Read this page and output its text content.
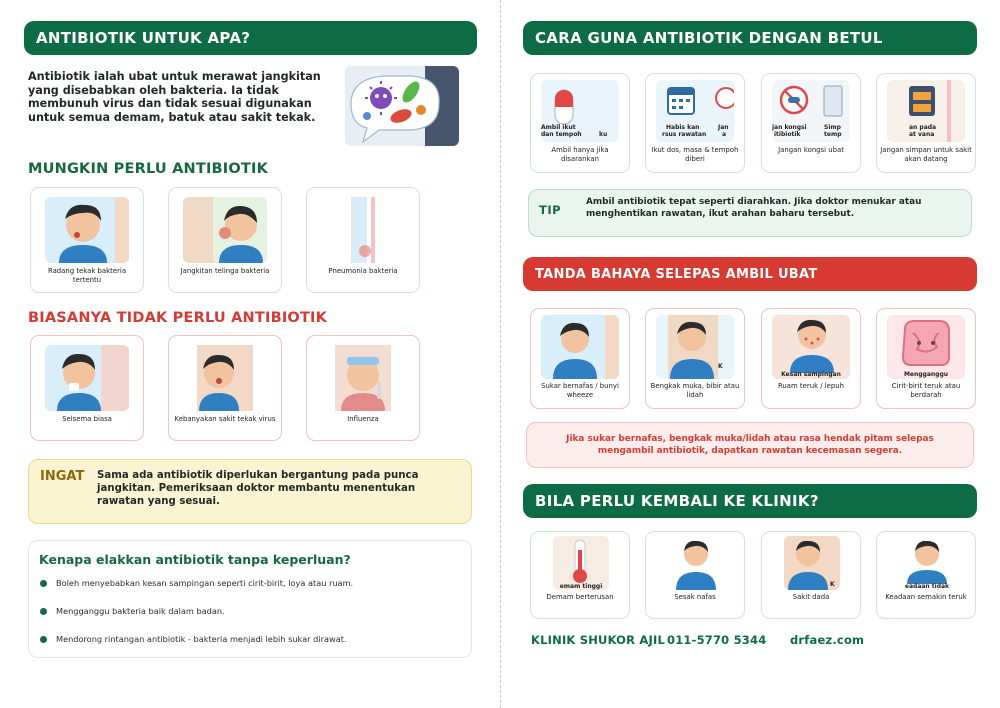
ANTIBIOTIK UNTUK APA?
Antibiotik ialah ubat untuk merawat jangkitan yang disebabkan oleh bakteria. Ia tidak membunuh virus dan tidak sesuai digunakan untuk semua demam, batuk atau sakit tekak.
MUNGKIN PERLU ANTIBIOTIK
Radang tekak bakteria tertentu
Jangkitan telinga bakteria	Pneumonia bakteria
BIASANYA TIDAK PERLU ANTIBIOTIK
Selsema biasa	Kebanyakan sakit tekak virus	Influenza
INGAT Sama ada antibiotik diperlukan bergantung pada punca jangkitan. Pemeriksaan doktor membantu menentukan rawatan yang sesuai.
Kenapa elakkan antibiotik tanpa keperluan?
Boleh menyebabkan kesan sampingan seperti cirit-birit, loya atau ruam.
Mengganggu bakteria baik dalam badan.
Mendorong rintangan antibiotik - bakteria menjadi lebih sukar dirawat.
CARA GUNA ANTIBIOTIK DENGAN BETUL
Ambil ikut
dan tempoh	ku
Ambil hanya jika disarankan
Habis kan
rsus rawatan
Jan
a
Ikut dos, masa & tempoh diberi
jan kongsi
itibiotik
Simp
temp
Jangan kongsi ubat
an pada
at vana
Jangan simpan untuk sakit akan datang
TIP
Ambil antibiotik tepat seperti diarahkan. Jika doktor menukar atau menghentikan rawatan, ikut arahan baharu tersebut.
TANDA BAHAYA SELEPAS AMBIL UBAT
Sukar bernafas / bunyi wheeze
K
Bengkak muka, bibir atau lidah
Kesan sampingan
Ruam teruk / lepuh
Mengganggu
Cirit-birit teruk atau berdarah
Jika sukar bernafas, bengkak muka/lidah atau rasa hendak pitam selepas mengambil antibiotik, dapatkan rawatan kecemasan segera.
BILA PERLU KEMBALI KE KLINIK?
emam tinggi
Demam berterusan	Sesak nafas
K
Sakit dada
eadaan tidak
Keadaan semakin teruk
KLINIK SHUKOR AJIL 011-5770 5344 drfaez.com
